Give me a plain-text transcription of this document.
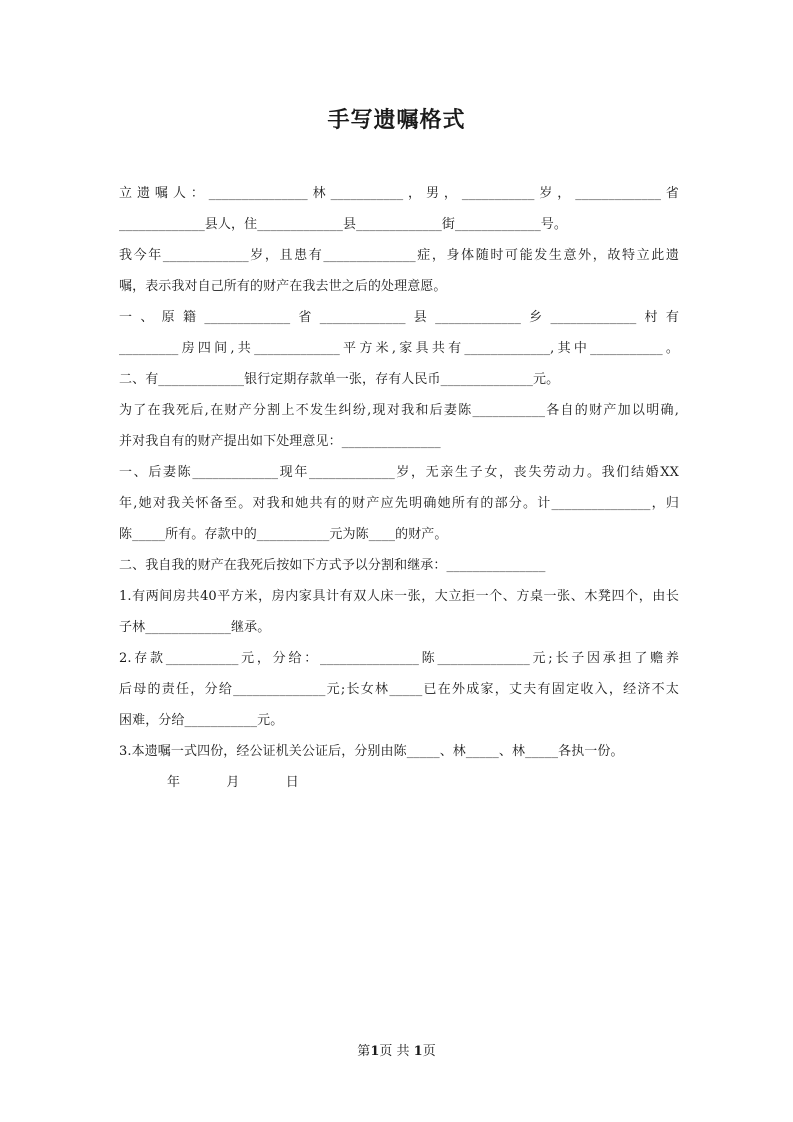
手写遗嘱格式
立遗嘱人：_______________林___________，男，___________岁，_____________省
_____________县人，住_____________县_____________街_____________号。
我今年_____________岁，且患有______________症，身体随时可能发生意外，故特立此遗
嘱，表示我对自己所有的财产在我去世之后的处理意愿。
一、原籍_____________省_____________县_____________乡_____________村有
_________房四间,共_____________平方米,家具共有_____________,其中___________。
二、有_____________银行定期存款单一张，存有人民币______________元。
为了在我死后,在财产分割上不发生纠纷,现对我和后妻陈___________各自的财产加以明确,
并对我自有的财产提出如下处理意见：_______________
一、后妻陈_____________现年_____________岁，无亲生子女，丧失劳动力。我们结婚XX
年,她对我关怀备至。对我和她共有的财产应先明确她所有的部分。计_______________，归
陈_____所有。存款中的___________元为陈____的财产。
二、我自我的财产在我死后按如下方式予以分割和继承：_______________
1.有两间房共40平方米，房内家具计有双人床一张，大立拒一个、方桌一张、木凳四个，由长
子林_____________继承。
2.存款___________元，分给：_______________陈______________元;长子因承担了赡养
后母的责任，分给______________元;长女林_____已在外成家，丈夫有固定收入，经济不太
困难，分给___________元。
3.本遗嘱一式四份，经公证机关公证后，分别由陈_____、林_____、林_____各执一份。
年	月	日
第1页 共 1页
